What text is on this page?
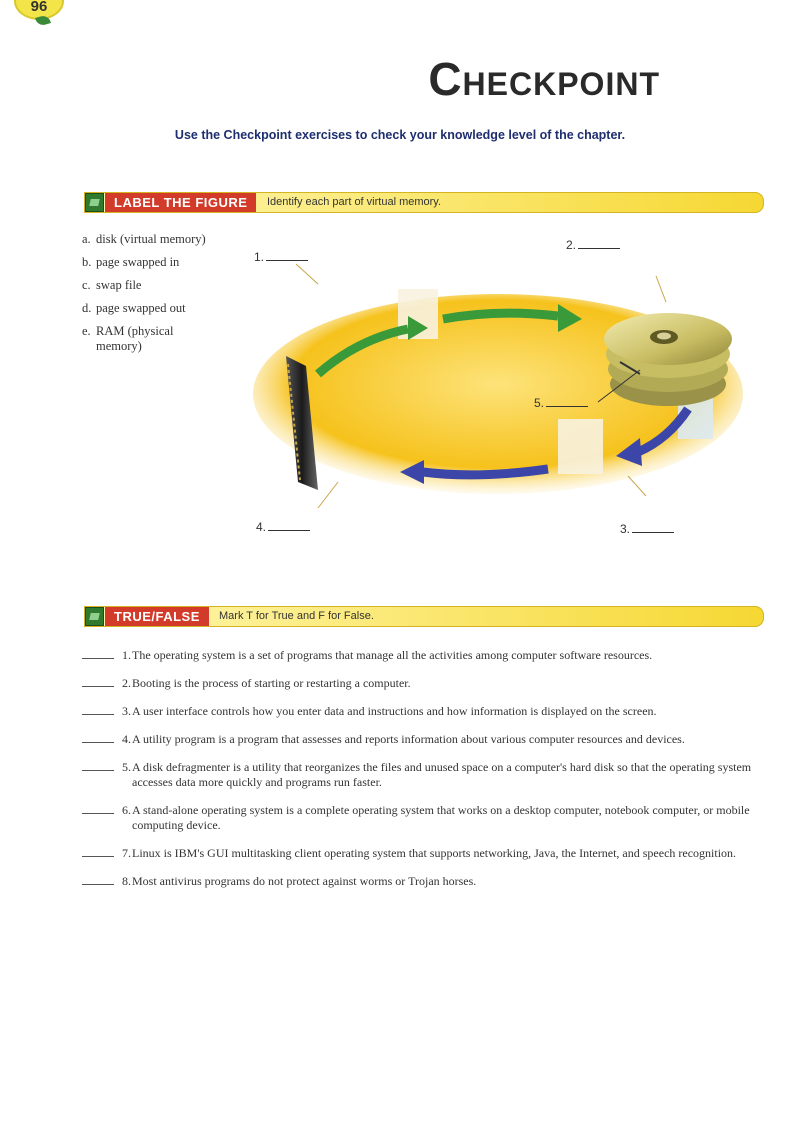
96
Checkpoint
Use the Checkpoint exercises to check your knowledge level of the chapter.
LABEL THE FIGURE	Identify each part of virtual memory.
a. disk (virtual memory)
b. page swapped in
c. swap file
d. page swapped out
e. RAM (physical
memory)
1.
2.
3.
4.
5.
TRUE/FALSE	Mark T for True and F for False.
1. The operating system is a set of programs that manage all the activities among computer software resources.
2. Booting is the process of starting or restarting a computer.
3. A user interface controls how you enter data and instructions and how information is displayed on the screen.
4. A utility program is a program that assesses and reports information about various computer resources and devices.
5. A disk defragmenter is a utility that reorganizes the files and unused space on a computer's hard disk so that the operating system accesses data more quickly and programs run faster.
6. A stand-alone operating system is a complete operating system that works on a desktop computer, notebook computer, or mobile computing device.
7. Linux is IBM's GUI multitasking client operating system that supports networking, Java, the Internet, and speech recognition.
8. Most antivirus programs do not protect against worms or Trojan horses.
